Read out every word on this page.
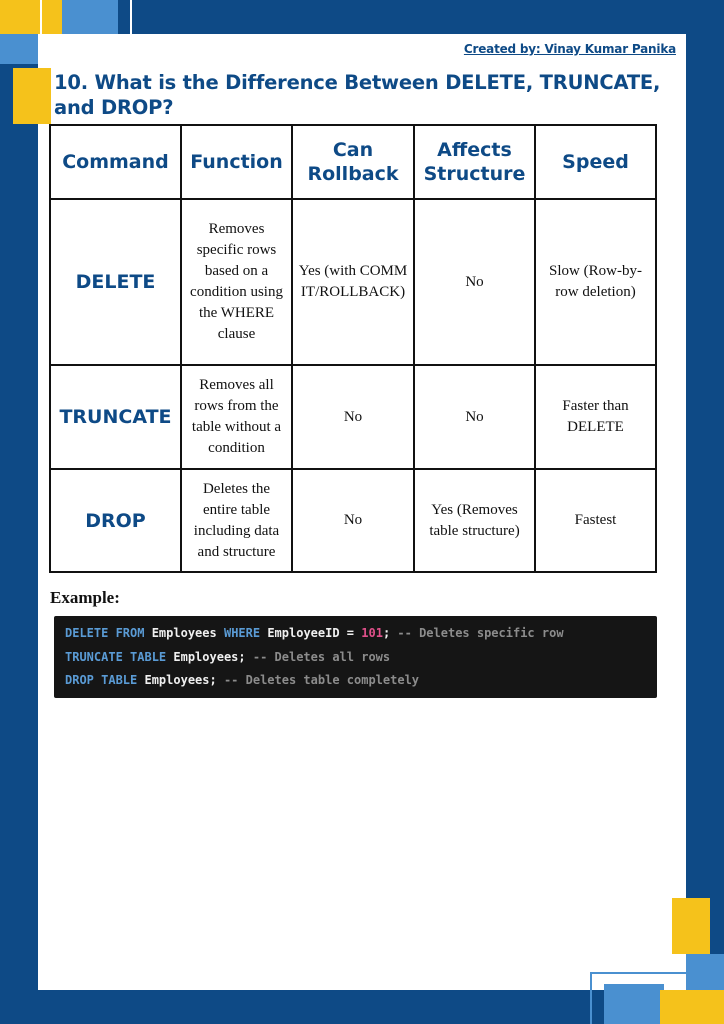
Created by: Vinay Kumar Panika
10. What is the Difference Between DELETE, TRUNCATE, and DROP?
Command	Function	Can Rollback	Affects Structure	Speed
DELETE	Removes specific rows based on a condition using the WHERE clause	Yes (with COMMIT/ROLLBACK)	No	Slow (Row-by-row deletion)
TRUNCATE	Removes all rows from the table without a condition	No	No	Faster than DELETE
DROP	Deletes the entire table including data and structure	No	Yes (Removes table structure)	Fastest
Example:
DELETE FROM Employees WHERE EmployeeID = 101; -- Deletes specific row
TRUNCATE TABLE Employees; -- Deletes all rows
DROP TABLE Employees; -- Deletes table completely
